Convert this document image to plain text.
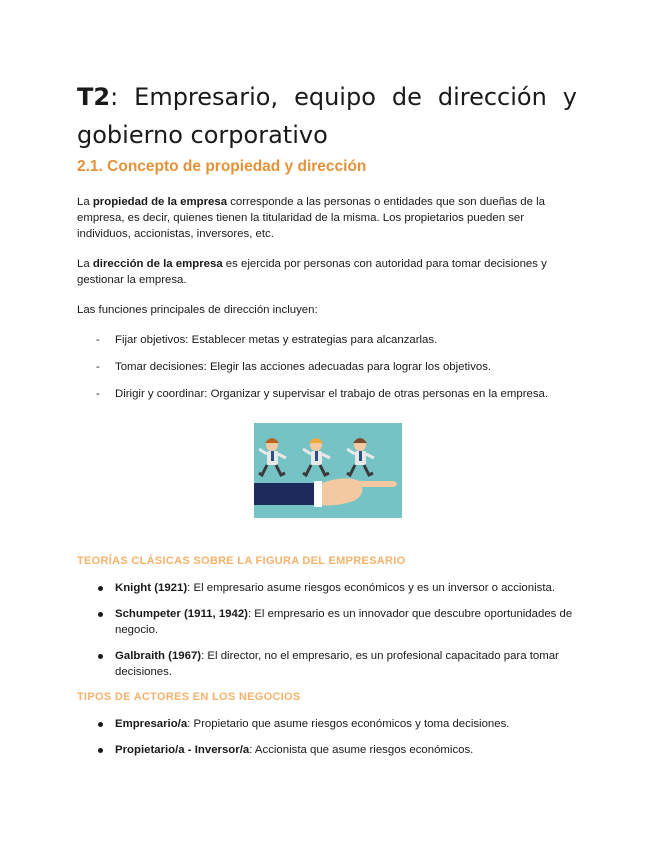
T2: Empresario, equipo de dirección y gobierno corporativo
2.1. Concepto de propiedad y dirección

La propiedad de la empresa corresponde a las personas o entidades que son dueñas de la empresa, es decir, quienes tienen la titularidad de la misma. Los propietarios pueden ser individuos, accionistas, inversores, etc.

La dirección de la empresa es ejercida por personas con autoridad para tomar decisiones y gestionar la empresa.

Las funciones principales de dirección incluyen:

- Fijar objetivos: Establecer metas y estrategias para alcanzarlas.
- Tomar decisiones: Elegir las acciones adecuadas para lograr los objetivos.
- Dirigir y coordinar: Organizar y supervisar el trabajo de otras personas en la empresa.
TEORÍAS CLÁSICAS SOBRE LA FIGURA DEL EMPRESARIO
Knight (1921): El empresario asume riesgos económicos y es un inversor o accionista.
Schumpeter (1911, 1942): El empresario es un innovador que descubre oportunidades de negocio.
Galbraith (1967): El director, no el empresario, es un profesional capacitado para tomar decisiones.
TIPOS DE ACTORES EN LOS NEGOCIOS
Empresario/a: Propietario que asume riesgos económicos y toma decisiones.
Propietario/a - Inversor/a: Accionista que asume riesgos económicos.
